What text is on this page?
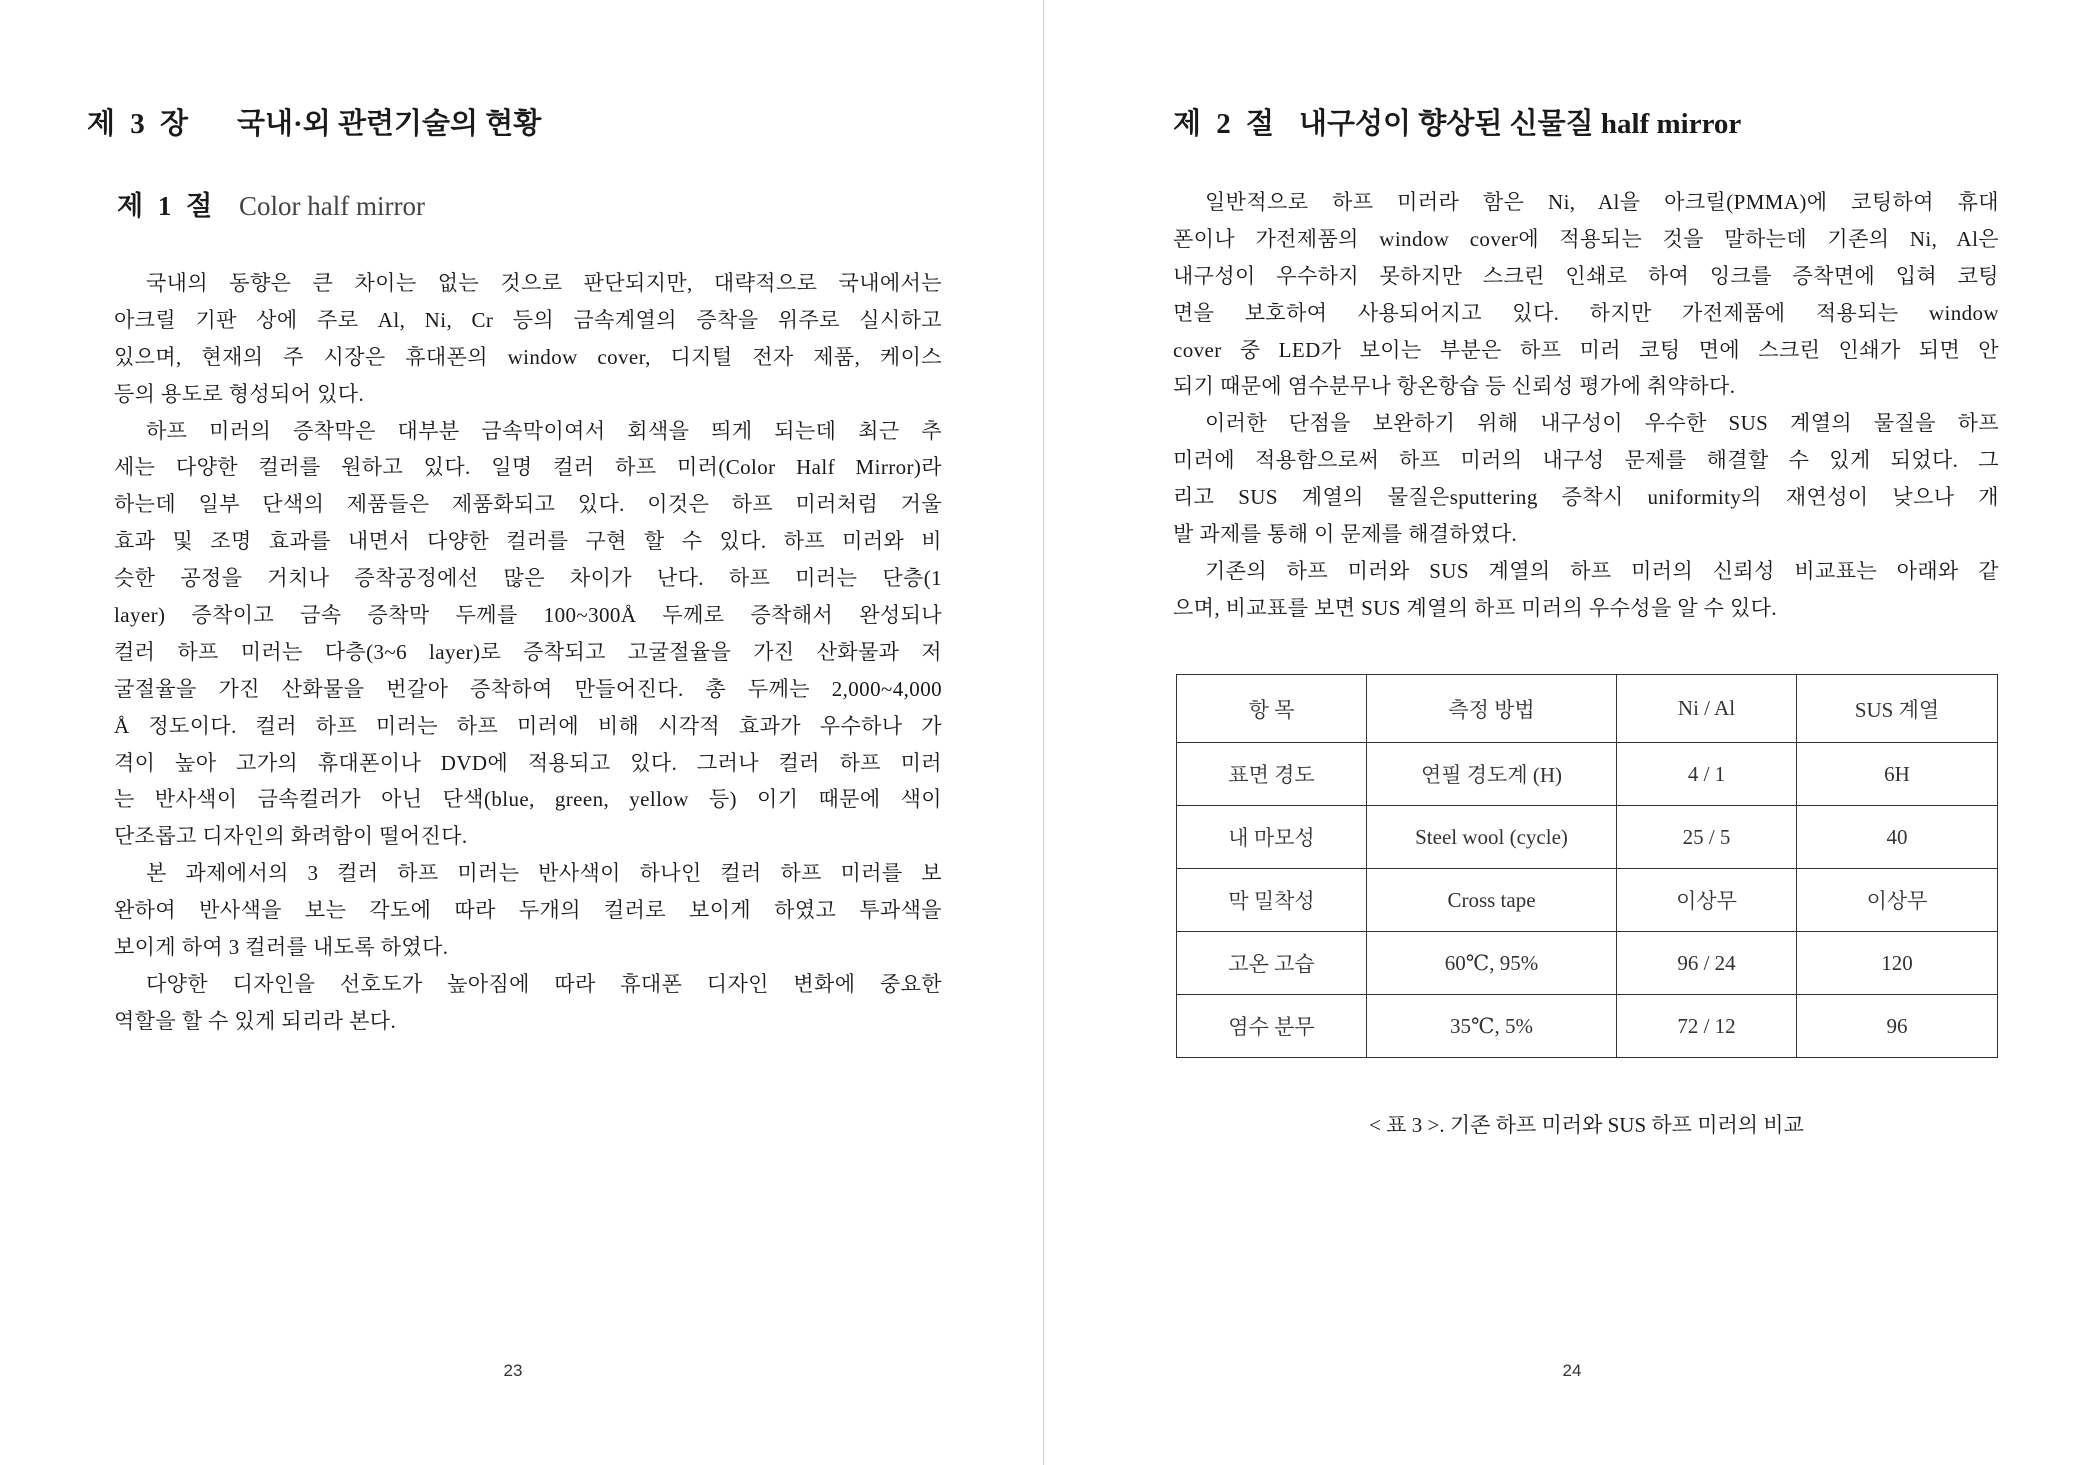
제 3 장 국내·외 관련기술의 현황
제 1 절 Color half mirror
국내의 동향은 큰 차이는 없는 것으로 판단되지만, 대략적으로 국내에서는
아크릴 기판 상에 주로 Al, Ni, Cr 등의 금속계열의 증착을 위주로 실시하고
있으며, 현재의 주 시장은 휴대폰의 window cover, 디지털 전자 제품, 케이스
등의 용도로 형성되어 있다.
하프 미러의 증착막은 대부분 금속막이여서 회색을 띄게 되는데 최근 추
세는 다양한 컬러를 원하고 있다. 일명 컬러 하프 미러(Color Half Mirror)라
하는데 일부 단색의 제품들은 제품화되고 있다. 이것은 하프 미러처럼 거울
효과 및 조명 효과를 내면서 다양한 컬러를 구현 할 수 있다. 하프 미러와 비
슷한 공정을 거치나 증착공정에선 많은 차이가 난다. 하프 미러는 단층(1
layer) 증착이고 금속 증착막 두께를 100~300Å 두께로 증착해서 완성되나
컬러 하프 미러는 다층(3~6 layer)로 증착되고 고굴절율을 가진 산화물과 저
굴절율을 가진 산화물을 번갈아 증착하여 만들어진다. 총 두께는 2,000~4,000
Å 정도이다. 컬러 하프 미러는 하프 미러에 비해 시각적 효과가 우수하나 가
격이 높아 고가의 휴대폰이나 DVD에 적용되고 있다. 그러나 컬러 하프 미러
는 반사색이 금속컬러가 아닌 단색(blue, green, yellow 등) 이기 때문에 색이
단조롭고 디자인의 화려함이 떨어진다.
본 과제에서의 3 컬러 하프 미러는 반사색이 하나인 컬러 하프 미러를 보
완하여 반사색을 보는 각도에 따라 두개의 컬러로 보이게 하였고 투과색을
보이게 하여 3 컬러를 내도록 하였다.
다양한 디자인을 선호도가 높아짐에 따라 휴대폰 디자인 변화에 중요한
역할을 할 수 있게 되리라 본다.
23
제 2 절 내구성이 향상된 신물질 half mirror
일반적으로 하프 미러라 함은 Ni, Al을 아크릴(PMMA)에 코팅하여 휴대
폰이나 가전제품의 window cover에 적용되는 것을 말하는데 기존의 Ni, Al은
내구성이 우수하지 못하지만 스크린 인쇄로 하여 잉크를 증착면에 입혀 코팅
면을 보호하여 사용되어지고 있다. 하지만 가전제품에 적용되는 window
cover 중 LED가 보이는 부분은 하프 미러 코팅 면에 스크린 인쇄가 되면 안
되기 때문에 염수분무나 항온항습 등 신뢰성 평가에 취약하다.
이러한 단점을 보완하기 위해 내구성이 우수한 SUS 계열의 물질을 하프
미러에 적용함으로써 하프 미러의 내구성 문제를 해결할 수 있게 되었다. 그
리고 SUS 계열의 물질은sputtering 증착시 uniformity의 재연성이 낮으나 개
발 과제를 통해 이 문제를 해결하였다.
기존의 하프 미러와 SUS 계열의 하프 미러의 신뢰성 비교표는 아래와 같
으며, 비교표를 보면 SUS 계열의 하프 미러의 우수성을 알 수 있다.
항 목	측정 방법	Ni / Al	SUS 계열
표면 경도	연필 경도계 (H)	4 / 1	6H
내 마모성	Steel wool (cycle)	25 / 5	40
막 밀착성	Cross tape	이상무	이상무
고온 고습	60℃, 95%	96 / 24	120
염수 분무	35℃, 5%	72 / 12	96
< 표 3 >. 기존 하프 미러와 SUS 하프 미러의 비교
24
